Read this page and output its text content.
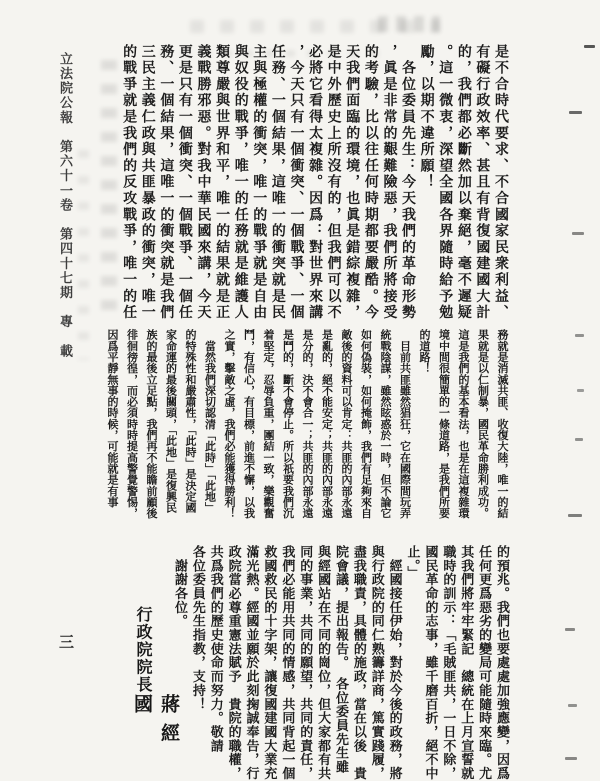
立法院公報　第六十一卷　第四十七期　專　載
三

是不合時代要求、不合國家民衆利益、

有礙行政效率、甚且有背復國建國大計

的，我們都必斷然加以棄絕，毫不遲疑

。這一微衷，深望全國各界隨時給予勉

勵，以期不違所願！

　各位委員先生：今天我們的革命形勢

，眞是非常的艱難險惡，我們所將接受

的考驗，比以往任何時期都要嚴酷。今

天我們面臨的環境，也眞是錯綜複雜，

是中外歷史上所沒有的，但我們可以不

必將它看得太複雜。因爲：對世界來講

，今天只有一個衝突、一個戰爭、一個

任務、一個結果，這唯一的衝突就是民

主與極權的衝突，唯一的戰爭就是自由

與奴役的戰爭，唯一的任務就是維護人

類尊嚴與世界和平，唯一的結果就是正

義戰勝邪惡。對我中華民國來講，今天

更是只有一個衝突、一個戰爭、一個任

務、一個結果，這唯一的衝突就是我們

三民主義仁政與共匪暴政的衝突，唯一

的戰爭就是我們的反攻戰爭，唯一的任

務就是消滅共匪、收復大陸，唯一的結

果就是以仁制暴，國民革命勝利成功。

這是我們的基本看法，也是在這複雜環

境中間很簡單的一條道路，是我們所要

的道路！

　目前共匪雖然猖狂，它在國際間玩弄

統戰陰謀，雖然眩惑於一時，但不論它

如何偽裝，如何掩飾，我們有足夠來自

敵後的資料可以肯定：共匪的內部永遠

是亂的，絕不能安定；共匪的內部永遠

是分的，決不會合一；共匪的內部永遠

是鬥的，斷不會停止。所以祇要我們沉

着堅定，忍辱負重，團結一致，樂觀奮

鬥，有信心，有目標，前進不懈，以我

之實，擊敵之虛，我們必能獲得勝利！

　當然我們深切認清「此時」「此地」

的特殊性和嚴肅性，「此時」是決定國

家命運的最後關頭，「此地」是復興民

族的最後立足點，我們再不能瞻前顧後

徘徊徬徨，而必須時時提高警覺警惕，

因爲平靜無事的時候，可能就是有事

的預兆。我們也要處處加強應變，因爲

任何更爲惡劣的變局可能隨時來臨。尤

其我們將牢牢緊記　總統在上月宣誓就

職時的訓示：「毛賊匪共，一日不除，

國民革命的志事，雖千磨百折，絕不中

止。」

　經國接任伊始，對於今後的政務，將

與行政院的同仁熟籌詳商，篤實踐履，

盡我職責，具體的施政，當在以後　貴

院會議，提出報告。　各位委員先生雖

與經國站在不同的崗位，但大家都有共

同的事業，共同的願望，共同的責任，

我們必能用共同的情感，共同背起一個

救國救民的十字架，讓復國建國大業充

滿光熱。經國並願於此刻掬誠奉告，行

政院當必尊重憲法賦予　貴院的職權，

共爲我們的歷史使命而努力。敬請

各位委員先生指教，支持！

　謝謝各位。

行政院院長
蔣經國
